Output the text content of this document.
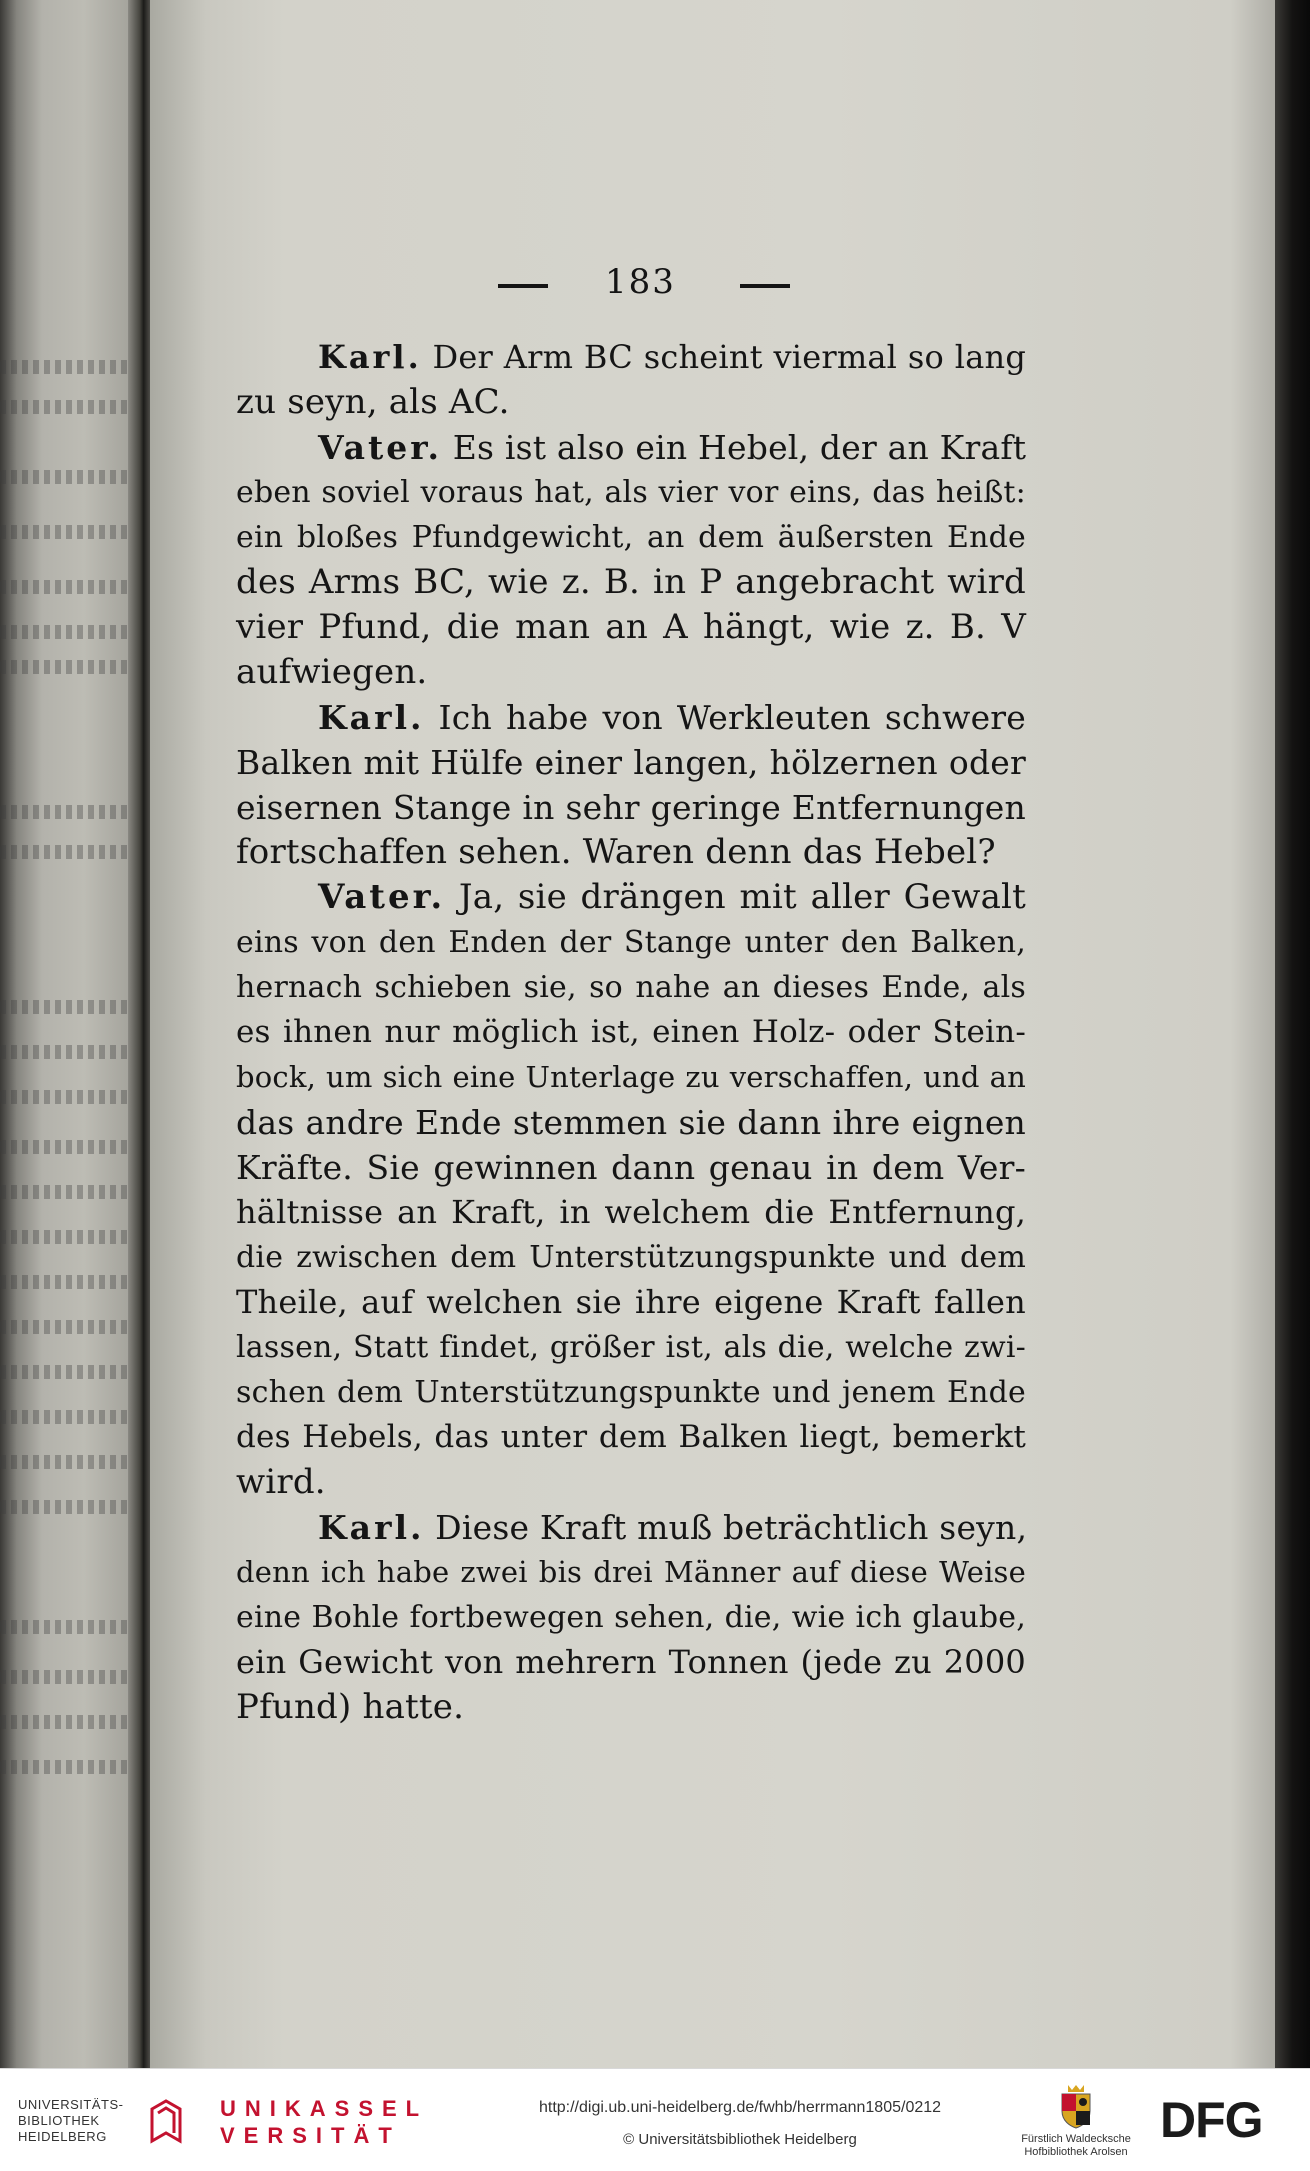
183
Karl. Der Arm BC scheint viermal so lang
zu seyn, als AC.
Vater. Es ist also ein Hebel, der an Kraft
eben soviel voraus hat, als vier vor eins, das heißt:
ein bloßes Pfundgewicht, an dem äußersten Ende
des Arms BC, wie z. B. in P angebracht wird
vier Pfund, die man an A hängt, wie z. B. V
aufwiegen.
Karl. Ich habe von Werkleuten schwere
Balken mit Hülfe einer langen, hölzernen oder
eisernen Stange in sehr geringe Entfernungen
fortschaffen sehen. Waren denn das Hebel?
Vater. Ja, sie drängen mit aller Gewalt
eins von den Enden der Stange unter den Balken,
hernach schieben sie, so nahe an dieses Ende, als
es ihnen nur möglich ist, einen Holz- oder Stein-
bock, um sich eine Unterlage zu verschaffen, und an
das andre Ende stemmen sie dann ihre eignen
Kräfte. Sie gewinnen dann genau in dem Ver-
hältnisse an Kraft, in welchem die Entfernung,
die zwischen dem Unterstützungspunkte und dem
Theile, auf welchen sie ihre eigene Kraft fallen
lassen, Statt findet, größer ist, als die, welche zwi-
schen dem Unterstützungspunkte und jenem Ende
des Hebels, das unter dem Balken liegt, bemerkt
wird.
Karl. Diese Kraft muß beträchtlich seyn,
denn ich habe zwei bis drei Männer auf diese Weise
eine Bohle fortbewegen sehen, die, wie ich glaube,
ein Gewicht von mehrern Tonnen (jede zu 2000
Pfund) hatte.
UNIVERSITÄTS-
BIBLIOTHEK
HEIDELBERG
UNIKASSEL
VERSITÄT
http://digi.ub.uni-heidelberg.de/fwhb/herrmann1805/0212
© Universitätsbibliothek Heidelberg	Fürstlich Waldecksche
Hofbibliothek Arolsen
DFG
